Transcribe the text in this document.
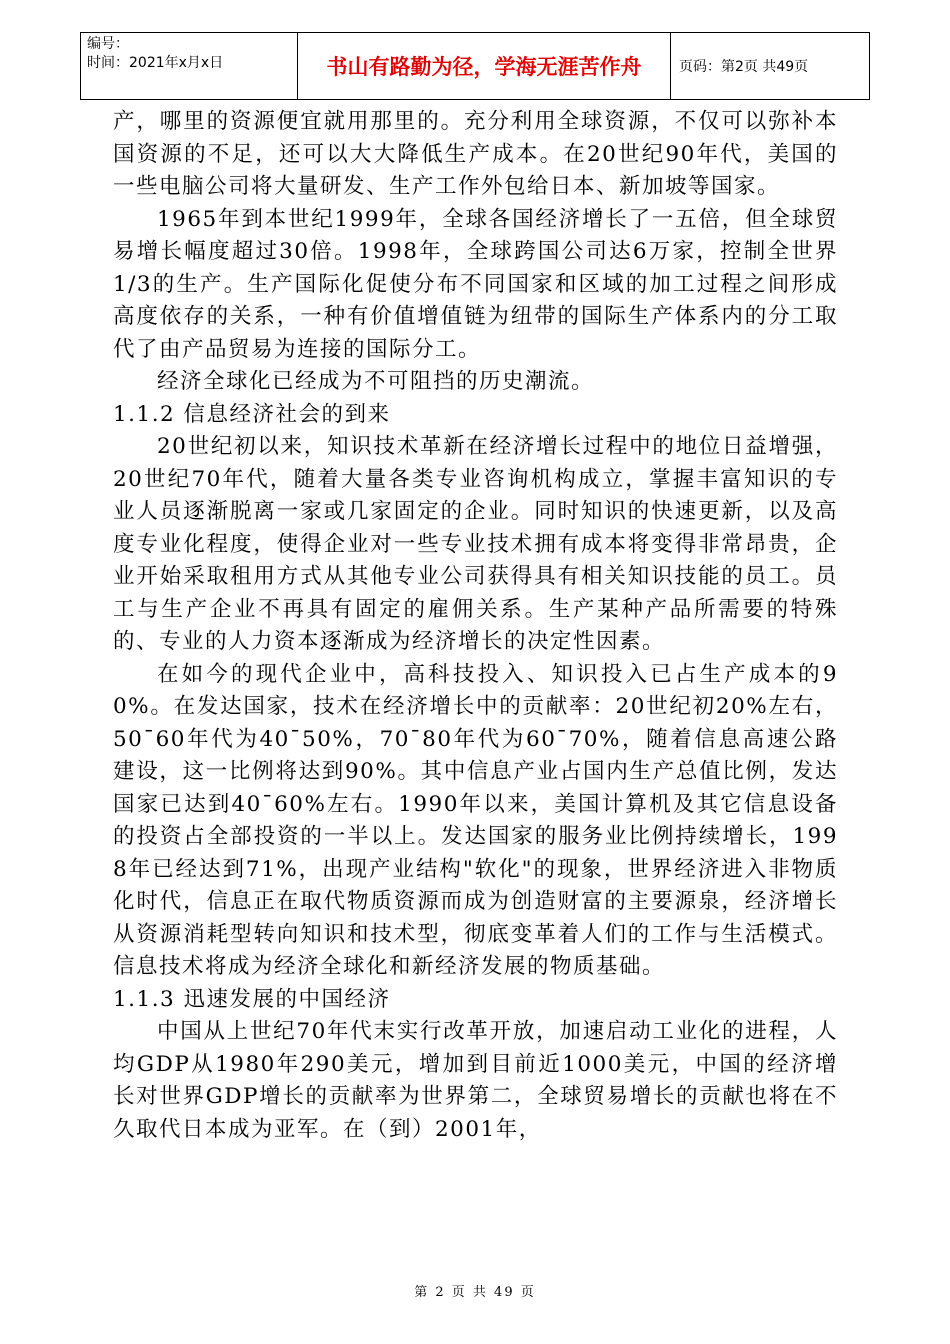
编号：
时间：2021年x月x日	书山有路勤为径，学海无涯苦作舟	页码：第2页 共49页

产，哪里的资源便宜就用那里的。充分利用全球资源，不仅可以弥补本国资源的不足，还可以大大降低生产成本。在20世纪90年代，美国的一些电脑公司将大量研发、生产工作外包给日本、新加坡等国家。

1965年到本世纪1999年，全球各国经济增长了一五倍，但全球贸易增长幅度超过30倍。1998年，全球跨国公司达6万家，控制全世界1/3的生产。生产国际化促使分布不同国家和区域的加工过程之间形成高度依存的关系，一种有价值增值链为纽带的国际生产体系内的分工取代了由产品贸易为连接的国际分工。

经济全球化已经成为不可阻挡的历史潮流。

1.1.2 信息经济社会的到来

20世纪初以来，知识技术革新在经济增长过程中的地位日益增强，20世纪70年代，随着大量各类专业咨询机构成立，掌握丰富知识的专业人员逐渐脱离一家或几家固定的企业。同时知识的快速更新，以及高度专业化程度，使得企业对一些专业技术拥有成本将变得非常昂贵，企业开始采取租用方式从其他专业公司获得具有相关知识技能的员工。员工与生产企业不再具有固定的雇佣关系。生产某种产品所需要的特殊的、专业的人力资本逐渐成为经济增长的决定性因素。

在如今的现代企业中，高科技投入、知识投入已占生产成本的90%。在发达国家，技术在经济增长中的贡献率：20世纪初20%左右，50¯60年代为40¯50%，70¯80年代为60¯70%，随着信息高速公路建设，这一比例将达到90%。其中信息产业占国内生产总值比例，发达国家已达到40¯60%左右。1990年以来，美国计算机及其它信息设备的投资占全部投资的一半以上。发达国家的服务业比例持续增长，1998年已经达到71%，出现产业结构"软化"的现象，世界经济进入非物质化时代，信息正在取代物质资源而成为创造财富的主要源泉，经济增长从资源消耗型转向知识和技术型，彻底变革着人们的工作与生活模式。信息技术将成为经济全球化和新经济发展的物质基础。

1.1.3 迅速发展的中国经济

中国从上世纪70年代末实行改革开放，加速启动工业化的进程，人均GDP从1980年290美元，增加到目前近1000美元，中国的经济增长对世界GDP增长的贡献率为世界第二，全球贸易增长的贡献也将在不久取代日本成为亚军。在（到）2001年，

第 2 页 共 49 页
